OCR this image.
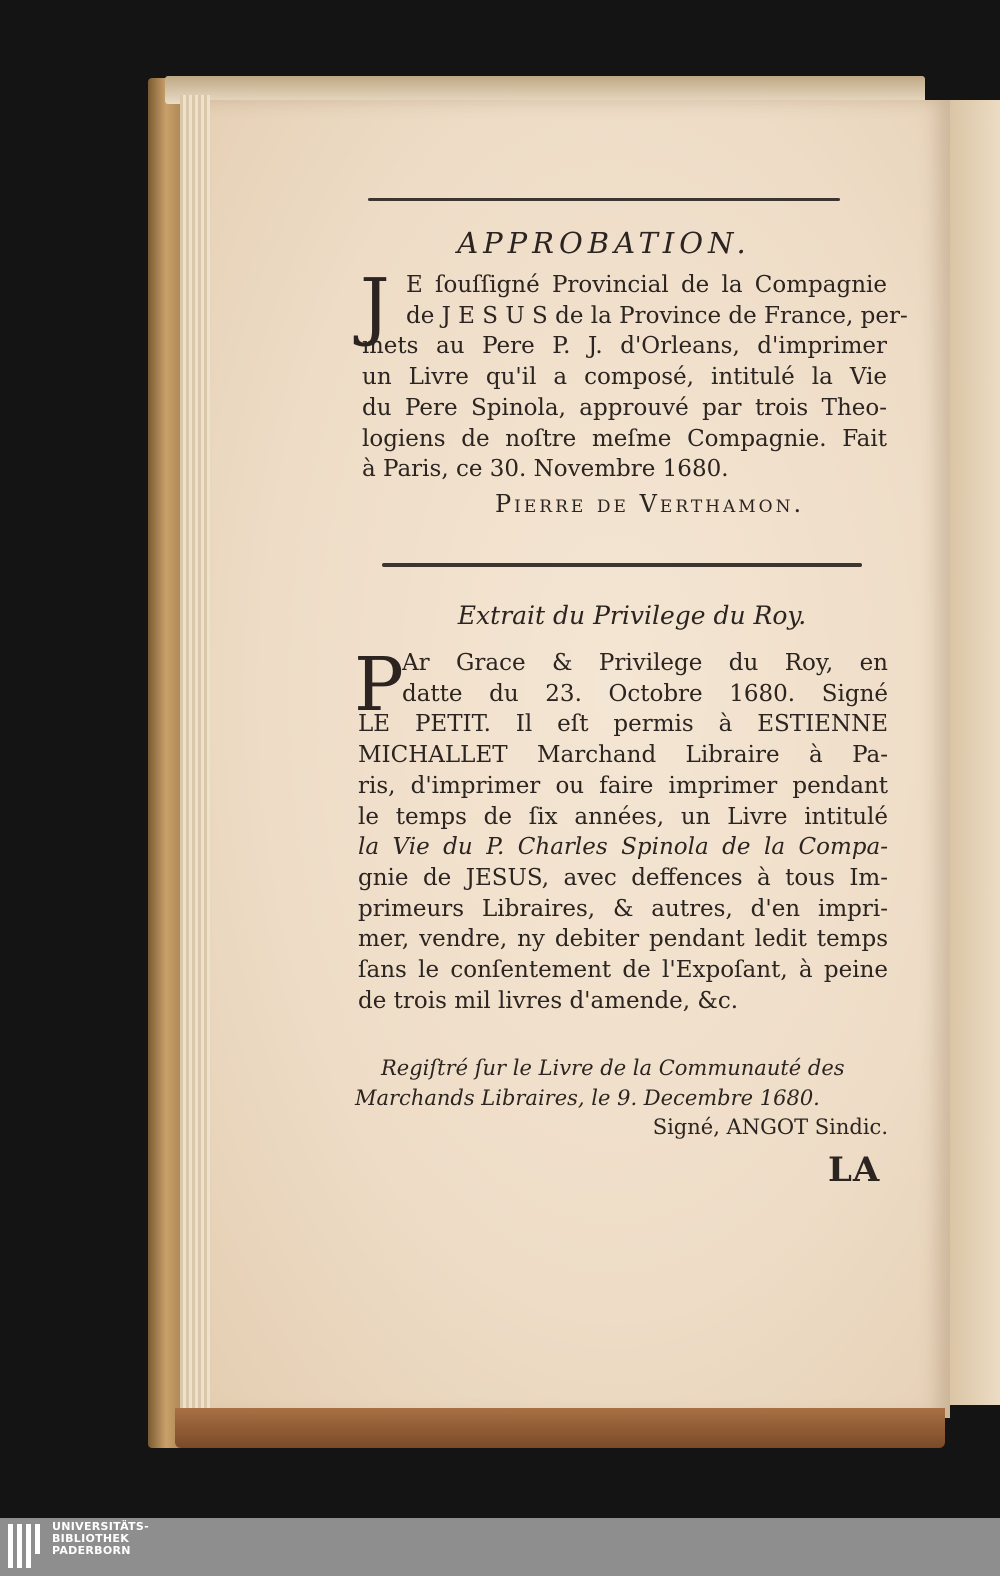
APPROBATION.
J E ſouſſigné Provincial de la Compagnie
de J E S U S de la Province de France, per-
mets au Pere P. J. d'Orleans, d'imprimer
un Livre qu'il a composé, intitulé la Vie
du Pere Spinola, approuvé par trois Theo-
logiens de noſtre meſme Compagnie. Fait
à Paris, ce 30. Novembre 1680.
Pierre de Verthamon.
Extrait du Privilege du Roy.
P
Ar Grace & Privilege du Roy, en
datte du 23. Octobre 1680. Signé
LE PETIT. Il eſt permis à ESTIENNE
MICHALLET Marchand Libraire à Pa-
ris, d'imprimer ou faire imprimer pendant
le temps de ſix années, un Livre intitulé
la Vie du P. Charles Spinola de la Compa-
gnie de JESUS, avec deffences à tous Im-
primeurs Libraires, & autres, d'en impri-
mer, vendre, ny debiter pendant ledit temps
ſans le conſentement de l'Expoſant, à peine
de trois mil livres d'amende, &c.
Regiſtré ſur le Livre de la Communauté des
Marchands Libraires, le 9. Decembre 1680.
Signé, ANGOT Sindic.
LA
UNIVERSITÄTS-
BIBLIOTHEK
PADERBORN
